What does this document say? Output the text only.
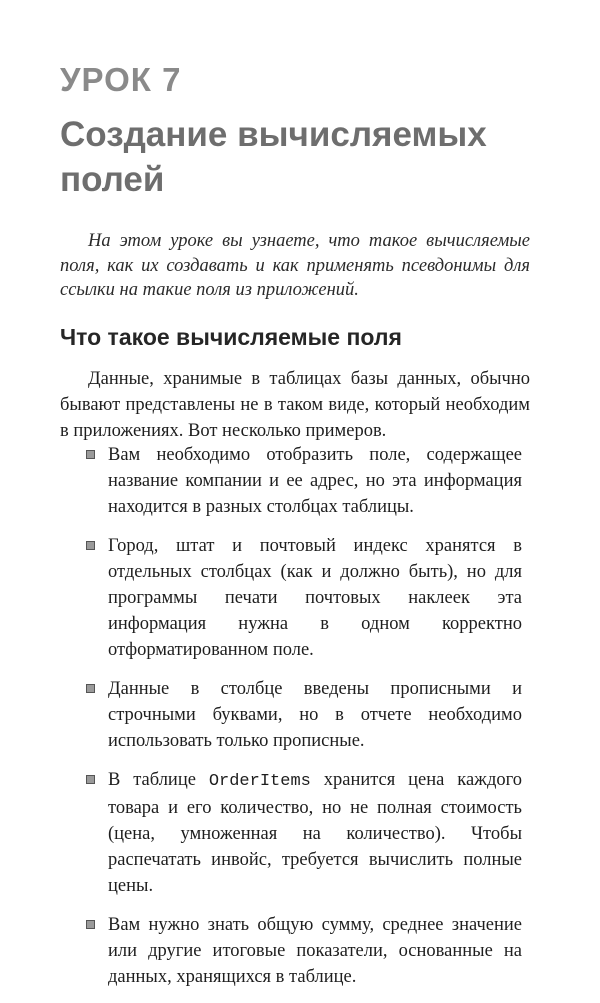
УРОК 7
Создание вычисляемых полей

На этом уроке вы узнаете, что такое вычисляемые поля, как их создавать и как применять псевдонимы для ссылки на такие поля из приложений.

Что такое вычисляемые поля

Данные, хранимые в таблицах базы данных, обычно бывают представлены не в таком виде, который необходим в приложениях. Вот несколько примеров.

Вам необходимо отобразить поле, содержащее название компании и ее адрес, но эта информация находится в разных столбцах таблицы.
Город, штат и почтовый индекс хранятся в отдельных столбцах (как и должно быть), но для программы печати почтовых наклеек эта информация нужна в одном корректно отформатированном поле.
Данные в столбце введены прописными и строчными буквами, но в отчете необходимо использовать только прописные.
В таблице OrderItems хранится цена каждого товара и его количество, но не полная стоимость (цена, умноженная на количество). Чтобы распечатать инвойс, требуется вычислить полные цены.
Вам нужно знать общую сумму, среднее значение или другие итоговые показатели, основанные на данных, хранящихся в таблице.
